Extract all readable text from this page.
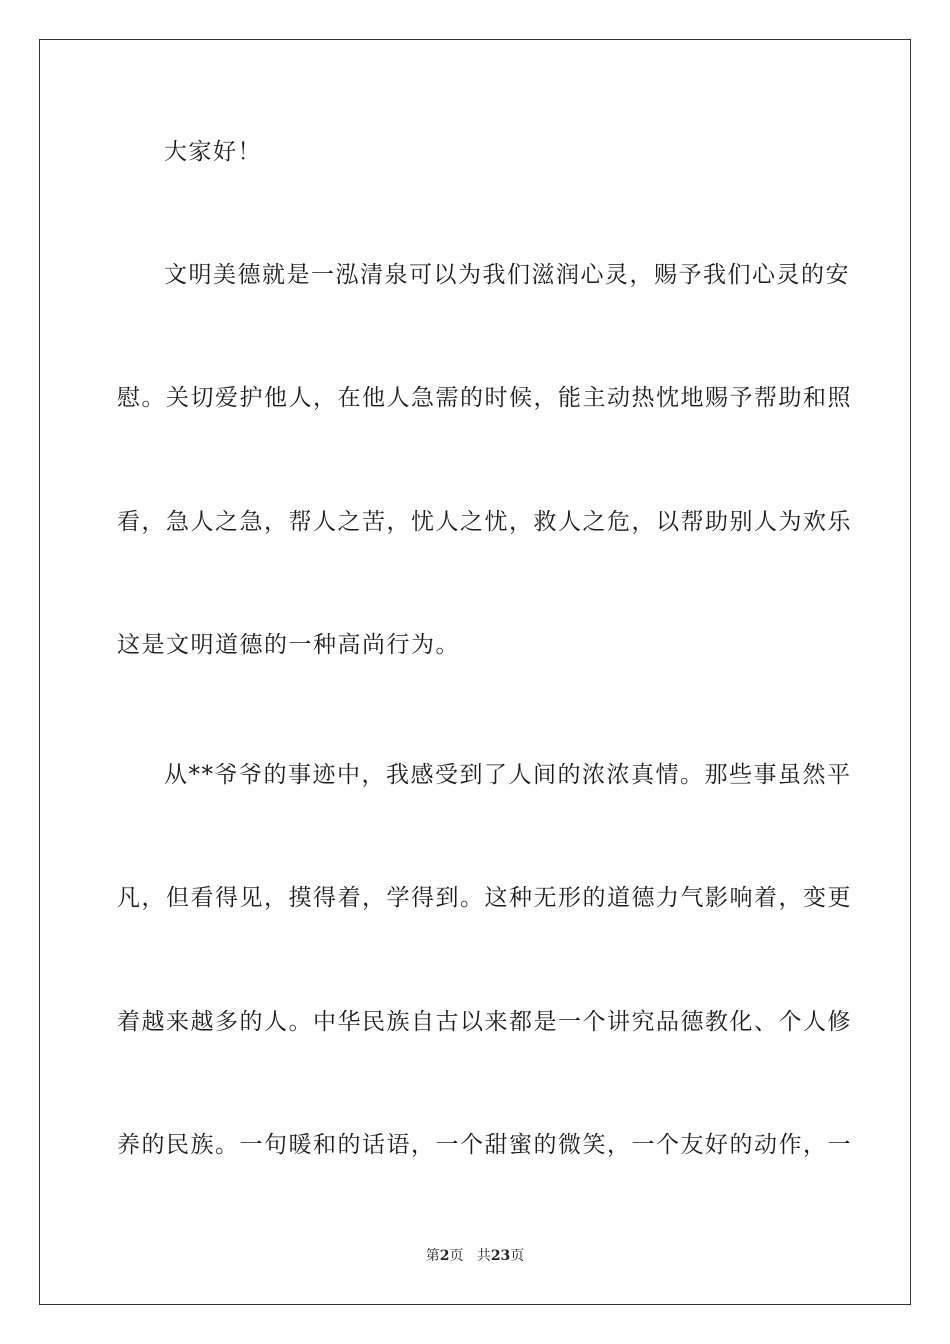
大家好！
文明美德就是一泓清泉可以为我们滋润心灵，赐予我们心灵的安
慰。关切爱护他人，在他人急需的时候，能主动热忱地赐予帮助和照
看，急人之急，帮人之苦，忧人之忧，救人之危，以帮助别人为欢乐
这是文明道德的一种高尚行为。
从**爷爷的事迹中，我感受到了人间的浓浓真情。那些事虽然平
凡，但看得见，摸得着，学得到。这种无形的道德力气影响着，变更
着越来越多的人。中华民族自古以来都是一个讲究品德教化、个人修
养的民族。一句暖和的话语，一个甜蜜的微笑，一个友好的动作，一
第2页 共23页
